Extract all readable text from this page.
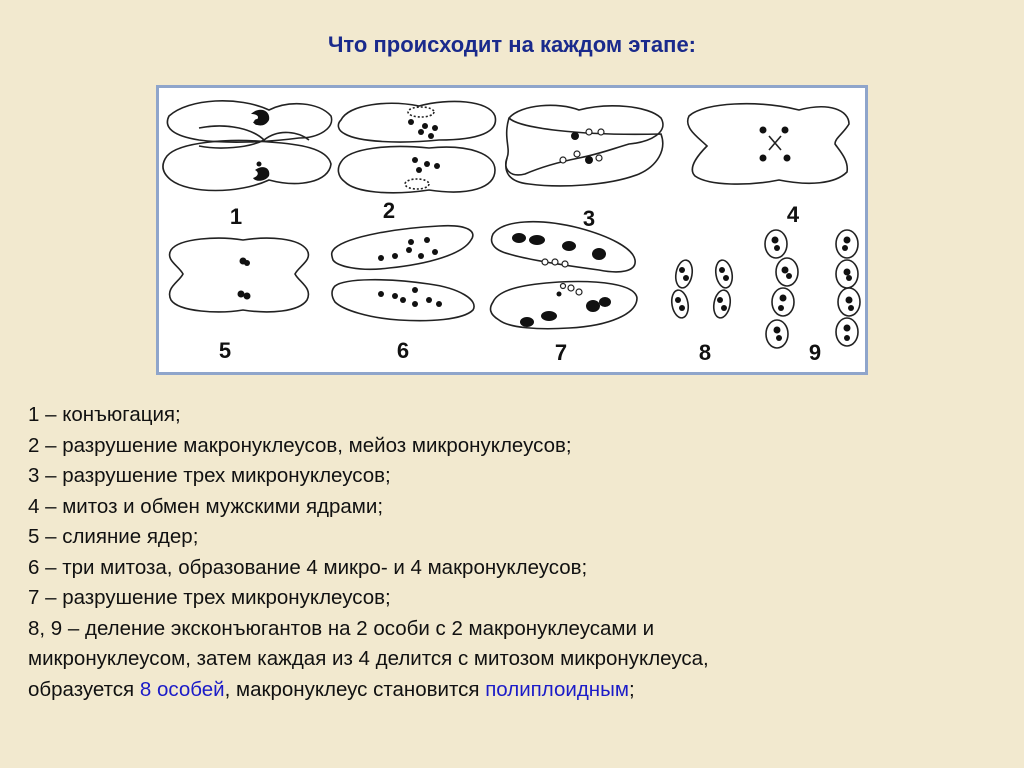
Что происходит на каждом этапе:
1	2	3	4
5	6	7	8	9
1 – конъюгация;
2 – разрушение макронуклеусов, мейоз микронуклеусов;
3 – разрушение трех микронуклеусов;
4 – митоз и обмен мужскими ядрами;
5 – слияние ядер;
6 – три митоза, образование 4 микро- и 4 макронуклеусов;
7 – разрушение трех микронуклеусов;
8, 9 – деление эксконъюгантов на 2 особи с 2 макронуклеусами и
микронуклеусом, затем каждая из 4 делится с митозом микронуклеуса,
образуется 8 особей, макронуклеус становится полиплоидным;
